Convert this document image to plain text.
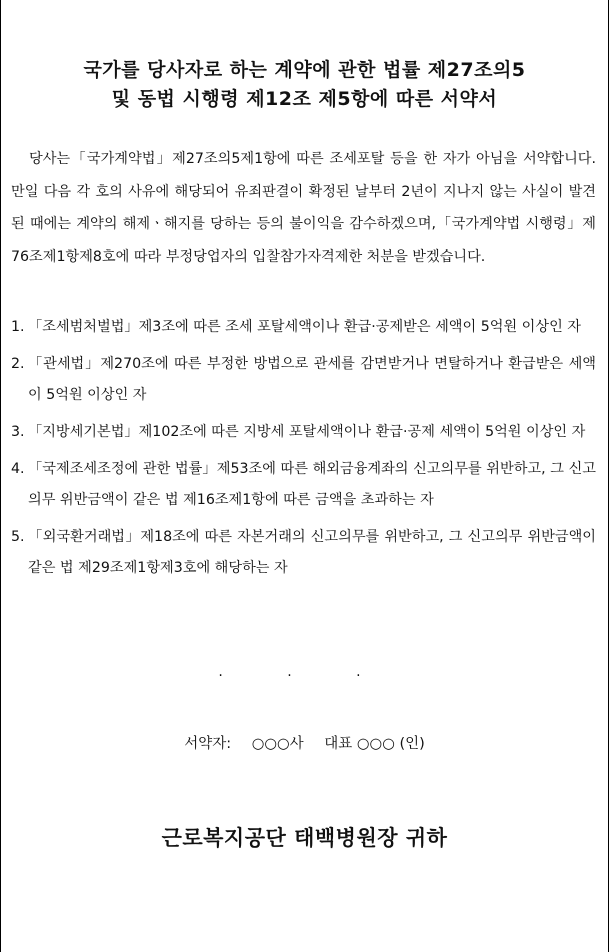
국가를 당사자로 하는 계약에 관한 법률 제27조의5
및 동법 시행령 제12조 제5항에 따른 서약서

당사는「국가계약법」제27조의5제1항에 따른 조세포탈 등을 한 자가 아님을 서약합니다. 만일 다음 각 호의 사유에 해당되어 유죄판결이 확정된 날부터 2년이 지나지 않는 사실이 발견된 때에는 계약의 해제ㆍ해지를 당하는 등의 불이익을 감수하겠으며,「국가계약법 시행령」제76조제1항제8호에 따라 부정당업자의 입찰참가자격제한 처분을 받겠습니다.

1. 「조세범처벌법」제3조에 따른 조세 포탈세액이나 환급·공제받은 세액이 5억원 이상인 자
2. 「관세법」제270조에 따른 부정한 방법으로 관세를 감면받거나 면탈하거나 환급받은 세액이 5억원 이상인 자
3. 「지방세기본법」제102조에 따른 지방세 포탈세액이나 환급·공제 세액이 5억원 이상인 자
4. 「국제조세조정에 관한 법률」제53조에 따른 해외금융계좌의 신고의무를 위반하고, 그 신고의무 위반금액이 같은 법 제16조제1항에 따른 금액을 초과하는 자
5. 「외국환거래법」제18조에 따른 자본거래의 신고의무를 위반하고, 그 신고의무 위반금액이 같은 법 제29조제1항제3호에 해당하는 자
· · ·
서약자: ○○○사 대표 ○○○ (인)
근로복지공단 태백병원장 귀하
